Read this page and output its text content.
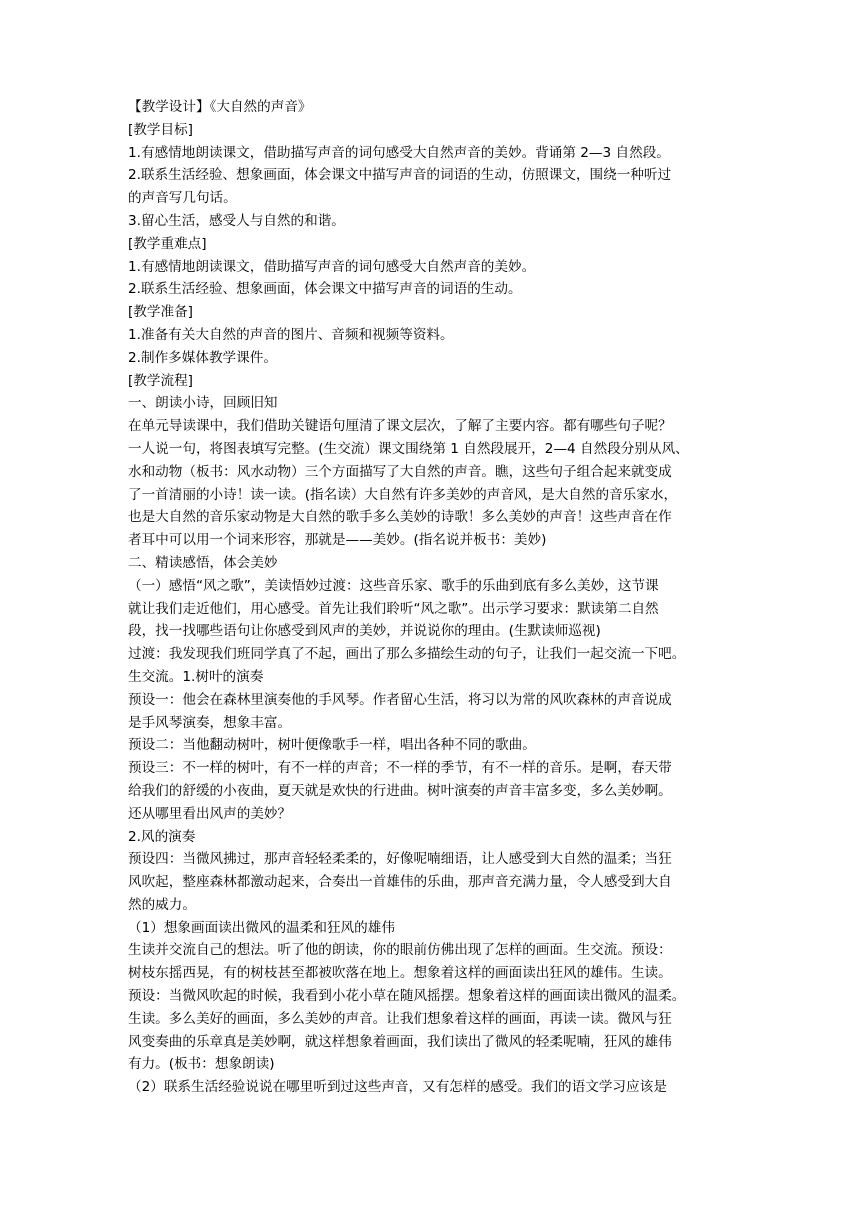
【教学设计】《大自然的声音》
[教学目标]
1.有感情地朗读课文，借助描写声音的词句感受大自然声音的美妙。背诵第 2—3 自然段。
2.联系生活经验、想象画面，体会课文中描写声音的词语的生动，仿照课文，围绕一种听过
的声音写几句话。
3.留心生活，感受人与自然的和谐。
[教学重难点]
1.有感情地朗读课文，借助描写声音的词句感受大自然声音的美妙。
2.联系生活经验、想象画面，体会课文中描写声音的词语的生动。
[教学准备]
1.准备有关大自然的声音的图片、音频和视频等资料。
2.制作多媒体教学课件。
[教学流程]
一、朗读小诗，回顾旧知
在单元导读课中，我们借助关键语句厘清了课文层次，了解了主要内容。都有哪些句子呢？
一人说一句，将图表填写完整。(生交流）课文围绕第 1 自然段展开，2—4 自然段分别从风、
水和动物（板书：风水动物）三个方面描写了大自然的声音。瞧，这些句子组合起来就变成
了一首清丽的小诗！读一读。(指名读）大自然有许多美妙的声音风，是大自然的音乐家水，
也是大自然的音乐家动物是大自然的歌手多么美妙的诗歌！多么美妙的声音！这些声音在作
者耳中可以用一个词来形容，那就是——美妙。(指名说并板书：美妙)
二、精读感悟，体会美妙
（一）感悟“风之歌”，美读悟妙过渡：这些音乐家、歌手的乐曲到底有多么美妙，这节课
就让我们走近他们，用心感受。首先让我们聆听“风之歌”。出示学习要求：默读第二自然
段，找一找哪些语句让你感受到风声的美妙，并说说你的理由。(生默读师巡视)
过渡：我发现我们班同学真了不起，画出了那么多描绘生动的句子，让我们一起交流一下吧。
生交流。1.树叶的演奏
预设一：他会在森林里演奏他的手风琴。作者留心生活，将习以为常的风吹森林的声音说成
是手风琴演奏，想象丰富。
预设二：当他翻动树叶，树叶便像歌手一样，唱出各种不同的歌曲。
预设三：不一样的树叶，有不一样的声音；不一样的季节，有不一样的音乐。是啊，春天带
给我们的舒缓的小夜曲，夏天就是欢快的行进曲。树叶演奏的声音丰富多变，多么美妙啊。
还从哪里看出风声的美妙？
2.风的演奏
预设四：当微风拂过，那声音轻轻柔柔的，好像呢喃细语，让人感受到大自然的温柔；当狂
风吹起，整座森林都激动起来，合奏出一首雄伟的乐曲，那声音充满力量，令人感受到大自
然的威力。
（1）想象画面读出微风的温柔和狂风的雄伟
生读并交流自己的想法。听了他的朗读，你的眼前仿佛出现了怎样的画面。生交流。预设：
树枝东摇西晃，有的树枝甚至都被吹落在地上。想象着这样的画面读出狂风的雄伟。生读。
预设：当微风吹起的时候，我看到小花小草在随风摇摆。想象着这样的画面读出微风的温柔。
生读。多么美好的画面，多么美妙的声音。让我们想象着这样的画面，再读一读。微风与狂
风变奏曲的乐章真是美妙啊，就这样想象着画面，我们读出了微风的轻柔呢喃，狂风的雄伟
有力。(板书：想象朗读)
（2）联系生活经验说说在哪里听到过这些声音，又有怎样的感受。我们的语文学习应该是
